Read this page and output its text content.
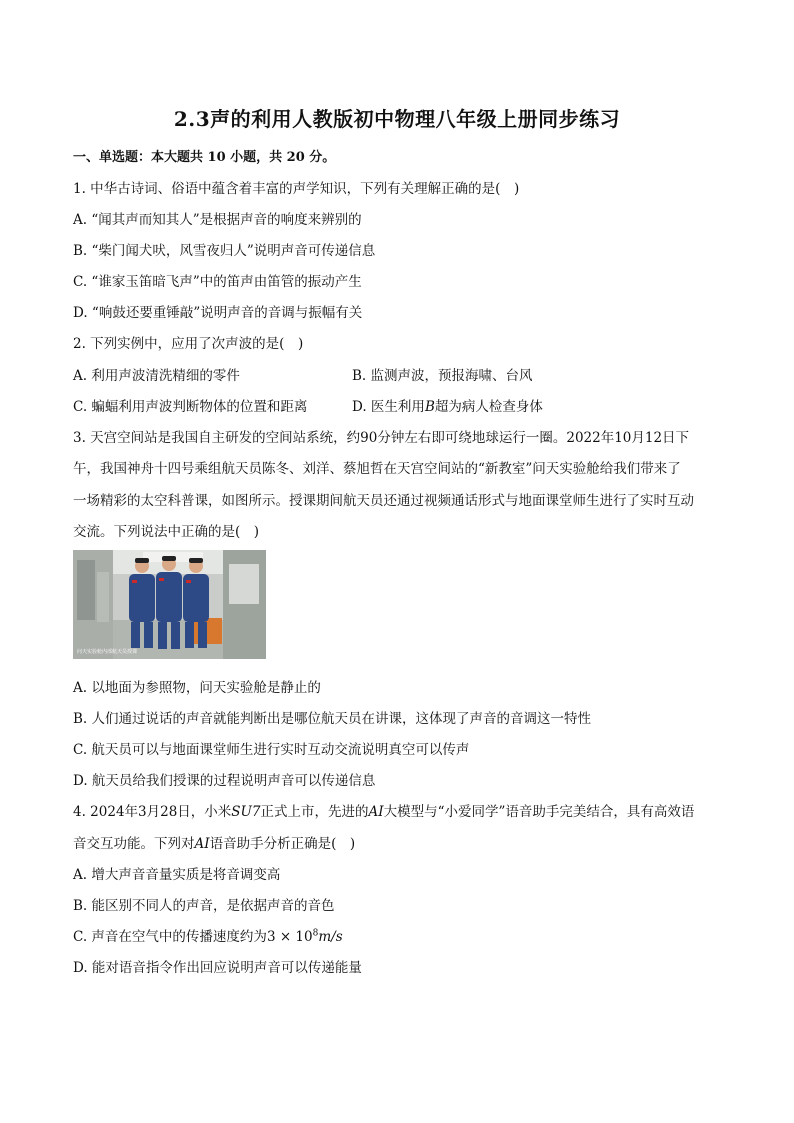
2.3声的利用人教版初中物理八年级上册同步练习
一、单选题：本大题共 10 小题，共 20 分。
1. 中华古诗词、俗语中蕴含着丰富的声学知识，下列有关理解正确的是(　)
A. “闻其声而知其人”是根据声音的响度来辨别的
B. “柴门闻犬吠，风雪夜归人”说明声音可传递信息
C. “谁家玉笛暗飞声”中的笛声由笛管的振动产生
D. “响鼓还要重锤敲”说明声音的音调与振幅有关
2. 下列实例中，应用了次声波的是(　)
A. 利用声波清洗精细的零件	B. 监测声波，预报海啸、台风
C. 蝙蝠利用声波判断物体的位置和距离	D. 医生利用B超为病人检查身体
3. 天宫空间站是我国自主研发的空间站系统，约90分钟左右即可绕地球运行一圈。2022年10月12日下
午，我国神舟十四号乘组航天员陈冬、刘洋、蔡旭哲在天宫空间站的“新教室”问天实验舱给我们带来了
一场精彩的太空科普课，如图所示。授课期间航天员还通过视频通话形式与地面课堂师生进行了实时互动
交流。下列说法中正确的是(　)
问天实验舱内部航天员授课
A. 以地面为参照物，问天实验舱是静止的
B. 人们通过说话的声音就能判断出是哪位航天员在讲课，这体现了声音的音调这一特性
C. 航天员可以与地面课堂师生进行实时互动交流说明真空可以传声
D. 航天员给我们授课的过程说明声音可以传递信息
4. 2024年3月28日，小米SU7正式上市，先进的AI大模型与“小爱同学”语音助手完美结合，具有高效语
音交互功能。下列对AI语音助手分析正确是(　)
A. 增大声音音量实质是将音调变高
B. 能区别不同人的声音，是依据声音的音色
C. 声音在空气中的传播速度约为$3 \times 10^8m/s$
D. 能对语音指令作出回应说明声音可以传递能量
